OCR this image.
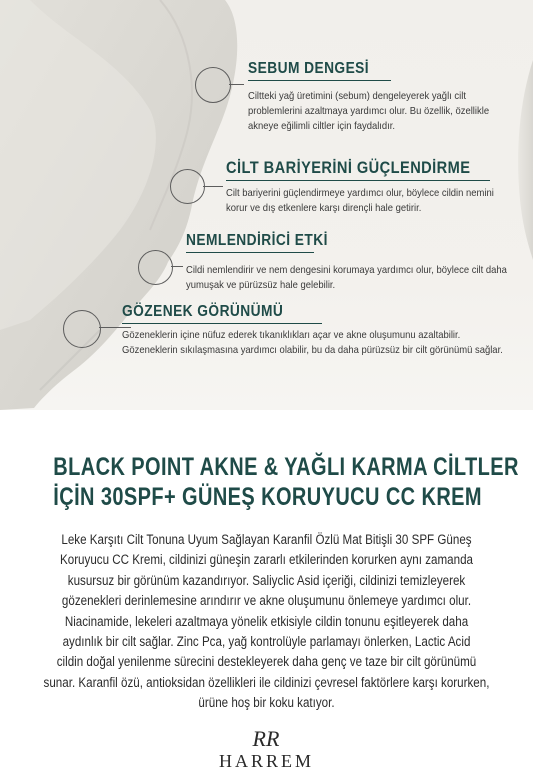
SEBUM DENGESİ
Ciltteki yağ üretimini (sebum) dengeleyerek yağlı cilt
problemlerini azaltmaya yardımcı olur. Bu özellik, özellikle
akneye eğilimli ciltler için faydalıdır.
CİLT BARİYERİNİ GÜÇLENDİRME
Cilt bariyerini güçlendirmeye yardımcı olur, böylece cildin nemini
korur ve dış etkenlere karşı dirençli hale getirir.
NEMLENDİRİCİ ETKİ
Cildi nemlendirir ve nem dengesini korumaya yardımcı olur, böylece cilt daha
yumuşak ve pürüzsüz hale gelebilir.
GÖZENEK GÖRÜNÜMÜ
Gözeneklerin içine nüfuz ederek tıkanıklıkları açar ve akne oluşumunu azaltabilir.
Gözeneklerin sıkılaşmasına yardımcı olabilir, bu da daha pürüzsüz bir cilt görünümü sağlar.
BLACK POINT AKNE & YAĞLI KARMA CİLTLER
İÇİN 30SPF+ GÜNEŞ KORUYUCU CC KREM
Leke Karşıtı Cilt Tonuna Uyum Sağlayan Karanfil Özlü Mat Bitişli 30 SPF Güneş
Koruyucu CC Kremi, cildinizi güneşin zararlı etkilerinden korurken aynı zamanda
kusursuz bir görünüm kazandırıyor. Saliyclic Asid içeriği, cildinizi temizleyerek
gözenekleri derinlemesine arındırır ve akne oluşumunu önlemeye yardımcı olur.
Niacinamide, lekeleri azaltmaya yönelik etkisiyle cildin tonunu eşitleyerek daha
aydınlık bir cilt sağlar. Zinc Pca, yağ kontrolüyle parlamayı önlerken, Lactic Acid
cildin doğal yenilenme sürecini destekleyerek daha genç ve taze bir cilt görünümü
sunar. Karanfil özü, antioksidan özellikleri ile cildinizi çevresel faktörlere karşı korurken,
ürüne hoş bir koku katıyor.
RR
HARREM
